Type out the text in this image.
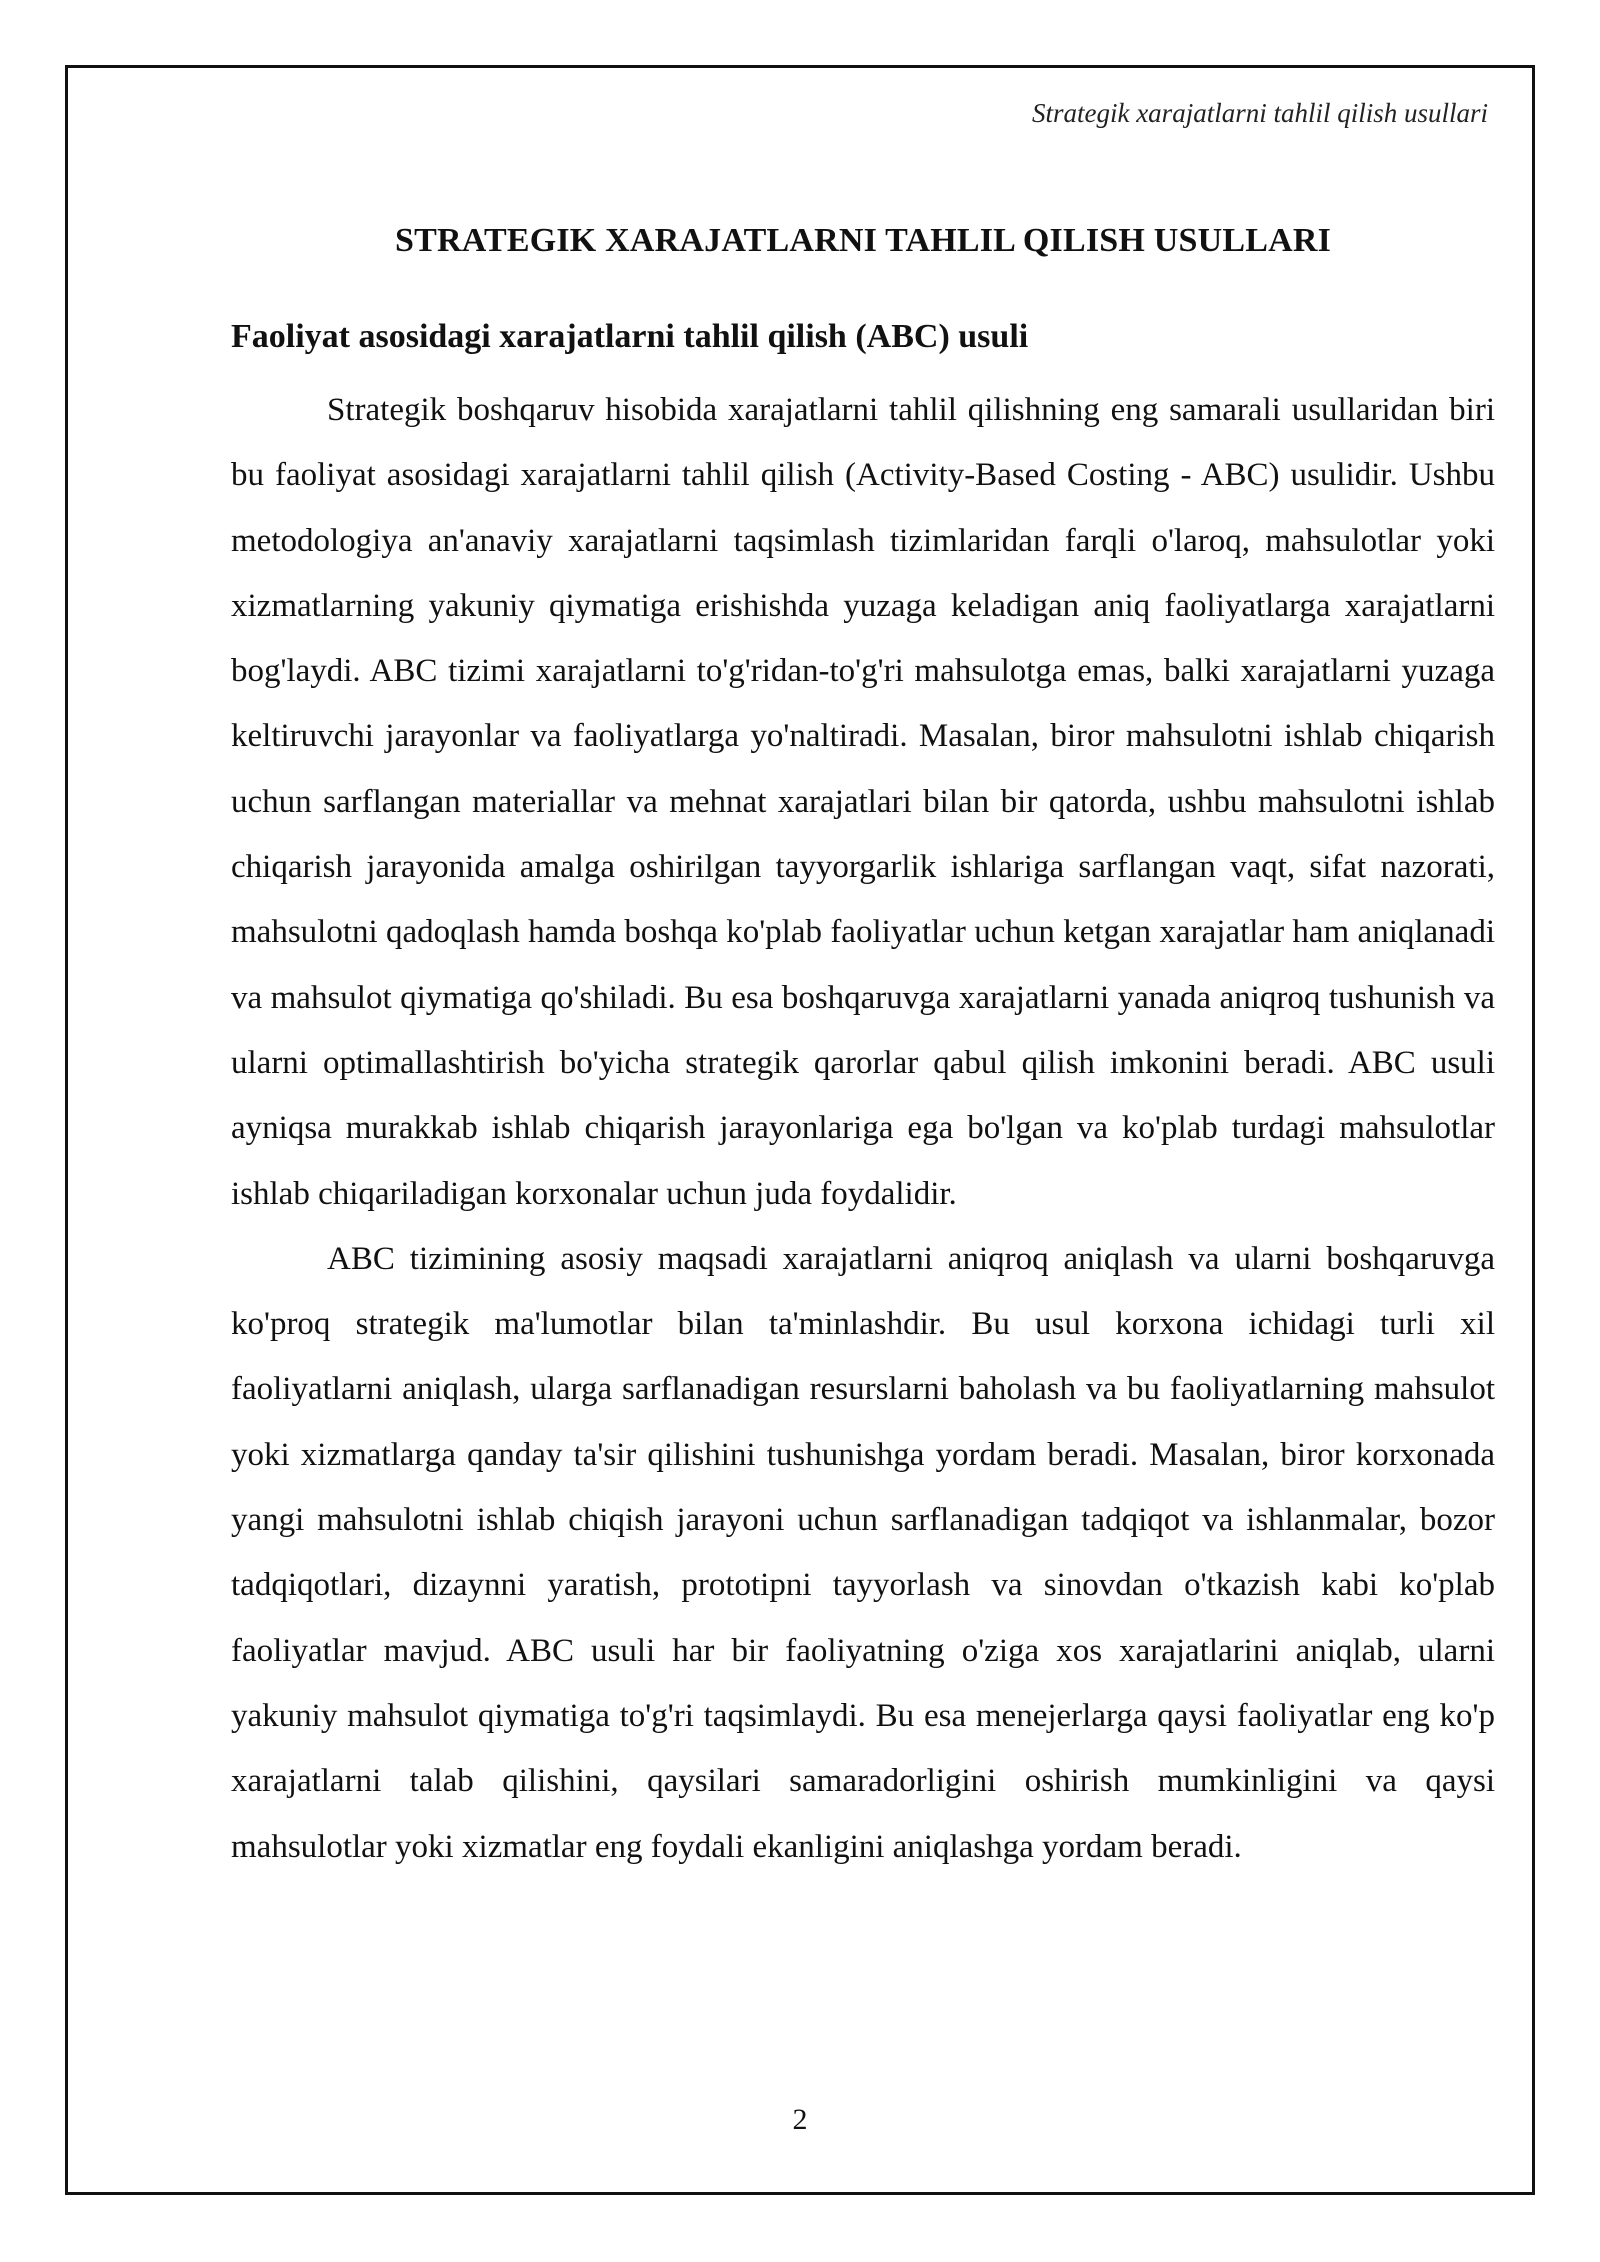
Strategik xarajatlarni tahlil qilish usullari
STRATEGIK XARAJATLARNI TAHLIL QILISH USULLARI
Faoliyat asosidagi xarajatlarni tahlil qilish (ABC) usuli

Strategik boshqaruv hisobida xarajatlarni tahlil qilishning eng samarali usullaridan biri bu faoliyat asosidagi xarajatlarni tahlil qilish (Activity-Based Costing - ABC) usulidir. Ushbu metodologiya an'anaviy xarajatlarni taqsimlash tizimlaridan farqli o'laroq, mahsulotlar yoki xizmatlarning yakuniy qiymatiga erishishda yuzaga keladigan aniq faoliyatlarga xarajatlarni bog'laydi. ABC tizimi xarajatlarni to'g'ridan-to'g'ri mahsulotga emas, balki xarajatlarni yuzaga keltiruvchi jarayonlar va faoliyatlarga yo'naltiradi. Masalan, biror mahsulotni ishlab chiqarish uchun sarflangan materiallar va mehnat xarajatlari bilan bir qatorda, ushbu mahsulotni ishlab chiqarish jarayonida amalga oshirilgan tayyorgarlik ishlariga sarflangan vaqt, sifat nazorati, mahsulotni qadoqlash hamda boshqa ko'plab faoliyatlar uchun ketgan xarajatlar ham aniqlanadi va mahsulot qiymatiga qo'shiladi. Bu esa boshqaruvga xarajatlarni yanada aniqroq tushunish va ularni optimallashtirish bo'yicha strategik qarorlar qabul qilish imkonini beradi. ABC usuli ayniqsa murakkab ishlab chiqarish jarayonlariga ega bo'lgan va ko'plab turdagi mahsulotlar ishlab chiqariladigan korxonalar uchun juda foydalidir.

ABC tizimining asosiy maqsadi xarajatlarni aniqroq aniqlash va ularni boshqaruvga ko'proq strategik ma'lumotlar bilan ta'minlashdir. Bu usul korxona ichidagi turli xil faoliyatlarni aniqlash, ularga sarflanadigan resurslarni baholash va bu faoliyatlarning mahsulot yoki xizmatlarga qanday ta'sir qilishini tushunishga yordam beradi. Masalan, biror korxonada yangi mahsulotni ishlab chiqish jarayoni uchun sarflanadigan tadqiqot va ishlanmalar, bozor tadqiqotlari, dizaynni yaratish, prototipni tayyorlash va sinovdan o'tkazish kabi ko'plab faoliyatlar mavjud. ABC usuli har bir faoliyatning o'ziga xos xarajatlarini aniqlab, ularni yakuniy mahsulot qiymatiga to'g'ri taqsimlaydi. Bu esa menejerlarga qaysi faoliyatlar eng ko'p xarajatlarni talab qilishini, qaysilari samaradorligini oshirish mumkinligini va qaysi mahsulotlar yoki xizmatlar eng foydali ekanligini aniqlashga yordam beradi.

2
